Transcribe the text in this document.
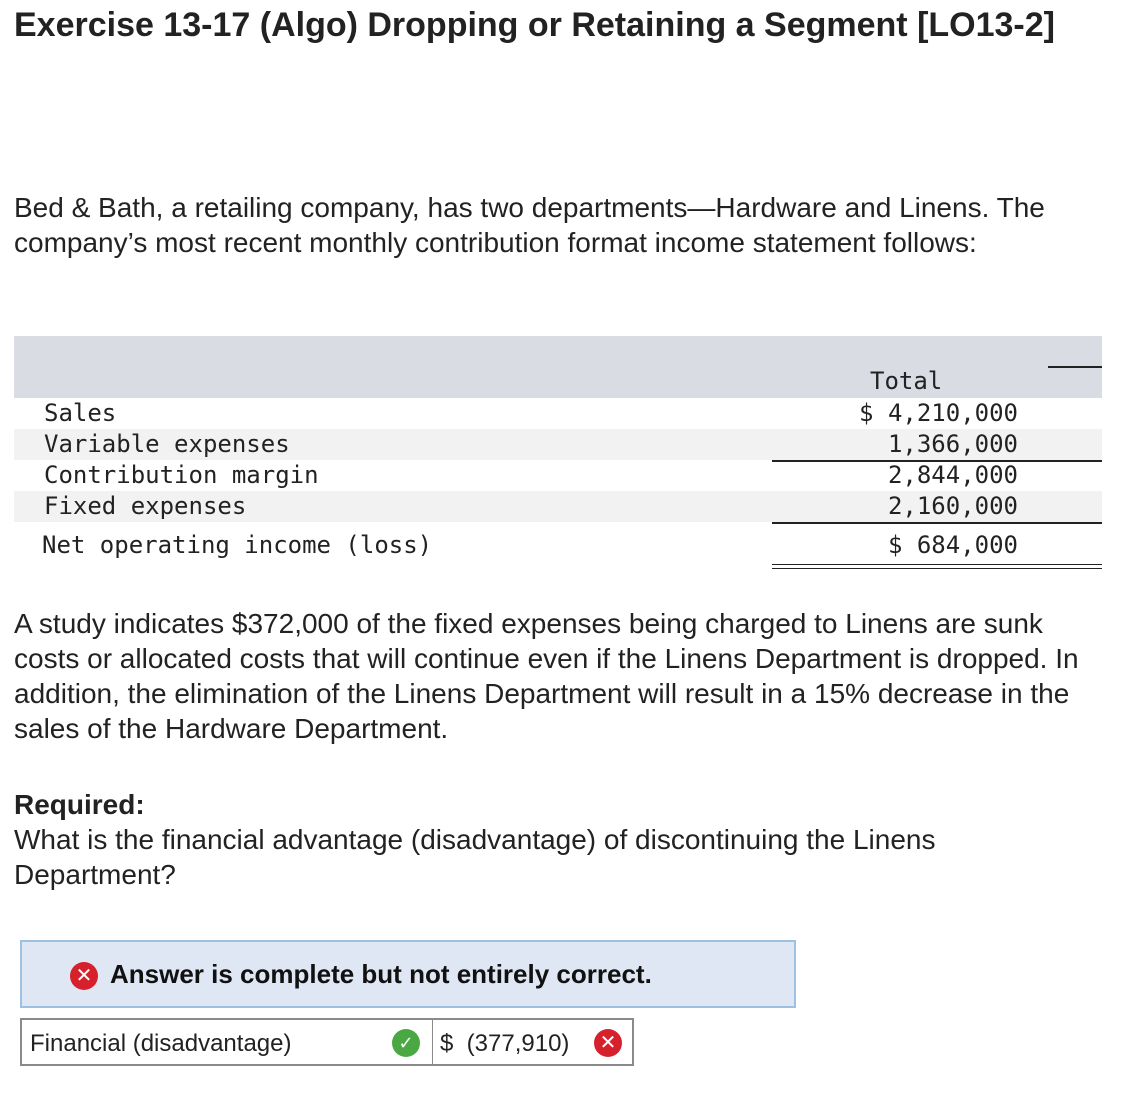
Exercise 13-17 (Algo) Dropping or Retaining a Segment [LO13-2]

Bed & Bath, a retailing company, has two departments—Hardware and Linens. The company’s most recent monthly contribution format income statement follows:

Total
Sales	$ 4,210,000
Variable expenses	1,366,000
Contribution margin	2,844,000
Fixed expenses	2,160,000
Net operating income (loss)	$ 684,000

A study indicates $372,000 of the fixed expenses being charged to Linens are sunk costs or allocated costs that will continue even if the Linens Department is dropped. In addition, the elimination of the Linens Department will result in a 15% decrease in the sales of the Hardware Department.

Required:

What is the financial advantage (disadvantage) of discontinuing the Linens Department?

✕ Answer is complete but not entirely correct.
Financial (disadvantage)	✓ $  (377,910) ✕
